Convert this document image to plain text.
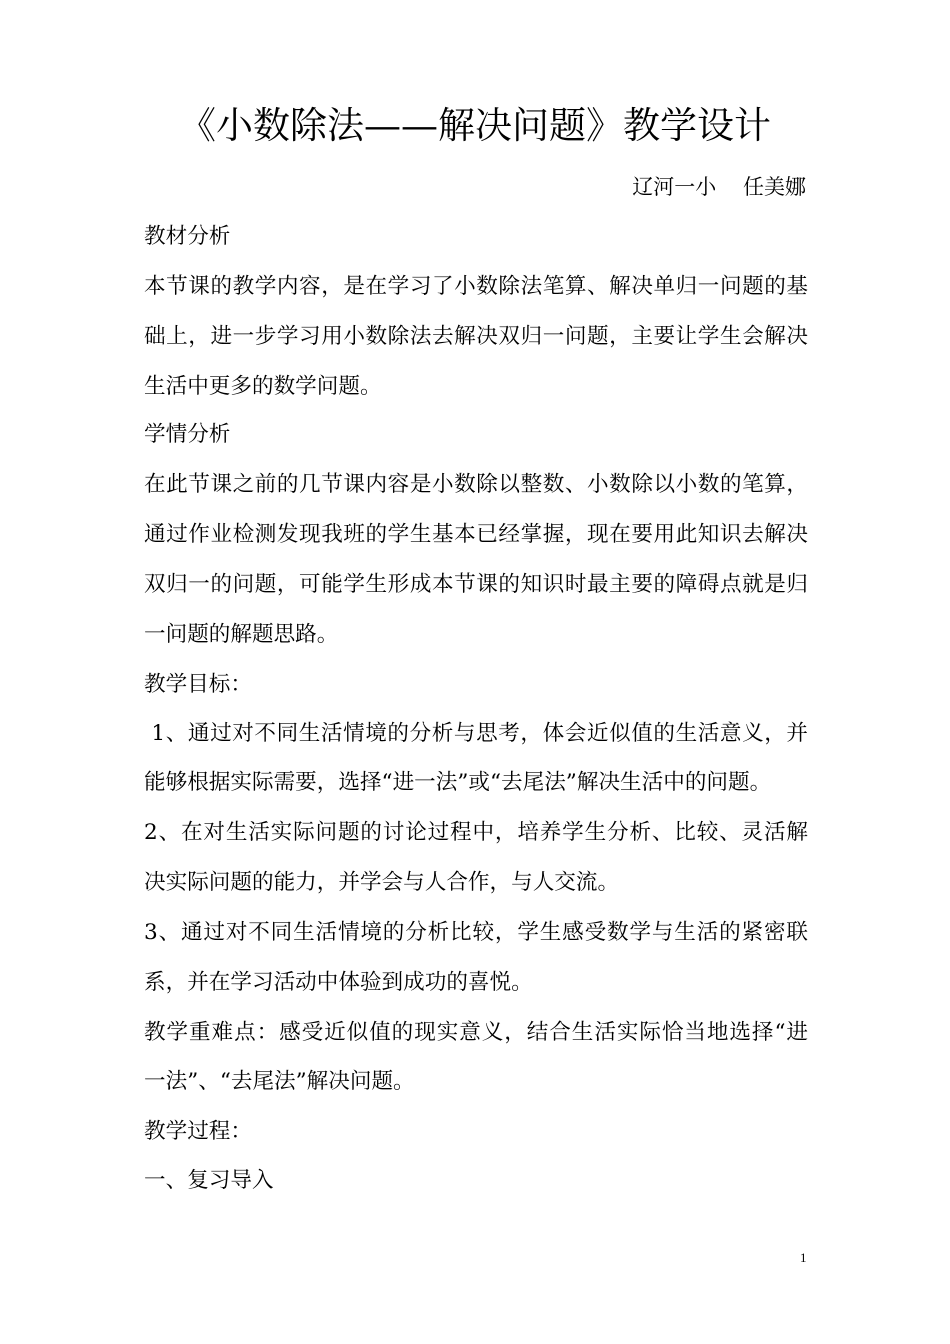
《小数除法——解决问题》教学设计
辽河一小    任美娜
教材分析
本节课的教学内容，是在学习了小数除法笔算、解决单归一问题的基
础上，进一步学习用小数除法去解决双归一问题，主要让学生会解决
生活中更多的数学问题。
学情分析
在此节课之前的几节课内容是小数除以整数、小数除以小数的笔算，
通过作业检测发现我班的学生基本已经掌握，现在要用此知识去解决
双归一的问题，可能学生形成本节课的知识时最主要的障碍点就是归
一问题的解题思路。
教学目标：
1、通过对不同生活情境的分析与思考，体会近似值的生活意义，并
能够根据实际需要，选择“进一法”或“去尾法”解决生活中的问题。
2、在对生活实际问题的讨论过程中，培养学生分析、比较、灵活解
决实际问题的能力，并学会与人合作，与人交流。
3、通过对不同生活情境的分析比较，学生感受数学与生活的紧密联
系，并在学习活动中体验到成功的喜悦。
教学重难点：感受近似值的现实意义，结合生活实际恰当地选择“进
一法”、“去尾法”解决问题。
教学过程：
一、复习导入
1
